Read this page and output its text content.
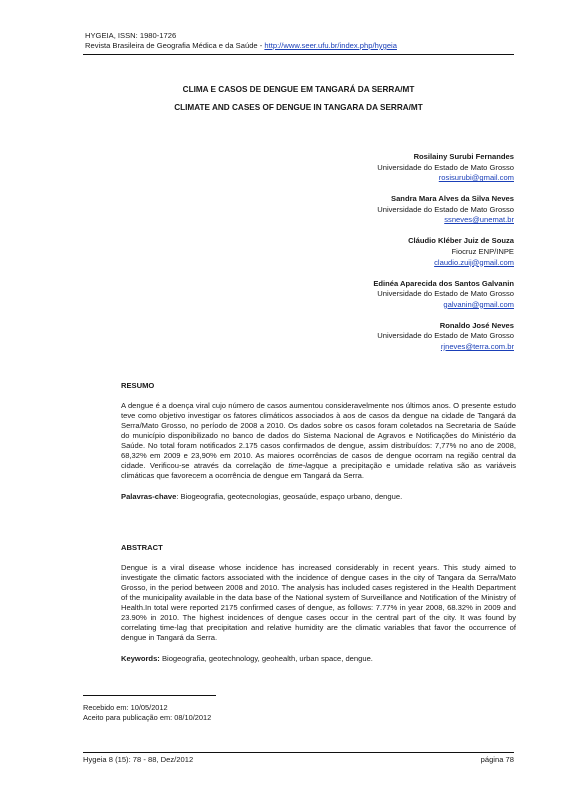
HYGEIA, ISSN: 1980-1726
Revista Brasileira de Geografia Médica e da Saúde - http://www.seer.ufu.br/index.php/hygeia
CLIMA E CASOS DE DENGUE EM TANGARÁ DA SERRA/MT
CLIMATE AND CASES OF DENGUE IN TANGARA DA SERRA/MT
Rosilainy Surubi Fernandes
Universidade do Estado de Mato Grosso
rosisurubi@gmail.com
Sandra Mara Alves da Silva Neves
Universidade do Estado de Mato Grosso
ssneves@unemat.br
Cláudio Kléber Juiz de Souza
Fiocruz ENP/INPE
claudio.zuij@gmail.com
Edinéa Aparecida dos Santos Galvanin
Universidade do Estado de Mato Grosso
galvanin@gmail.com
Ronaldo José Neves
Universidade do Estado de Mato Grosso
rjneves@terra.com.br
RESUMO
A dengue é a doença viral cujo número de casos aumentou consideravelmente nos últimos anos. O presente estudo teve como objetivo investigar os fatores climáticos associados à aos de casos da dengue na cidade de Tangará da Serra/Mato Grosso, no período de 2008 a 2010. Os dados sobre os casos foram coletados na Secretaria de Saúde do município disponibilizado no banco de dados do Sistema Nacional de Agravos e Notificações do Ministério da Saúde. No total foram notificados 2.175 casos confirmados de dengue, assim distribuídos: 7,77% no ano de 2008, 68,32% em 2009 e 23,90% em 2010. As maiores ocorrências de casos de dengue ocorram na região central da cidade. Verificou-se através da correlação de time-lagque a precipitação e umidade relativa são as variáveis climáticas que favorecem a ocorrência de dengue em Tangará da Serra.
Palavras-chave: Biogeografia, geotecnologias, geosaúde, espaço urbano, dengue.
ABSTRACT
Dengue is a viral disease whose incidence has increased considerably in recent years. This study aimed to investigate the climatic factors associated with the incidence of dengue cases in the city of Tangara da Serra/Mato Grosso, in the period between 2008 and 2010. The analysis has included cases registered in the Health Department of the municipality available in the data base of the National system of Surveillance and Notification of the Ministry of Health.In total were reported 2175 confirmed cases of dengue, as follows: 7.77% in year 2008, 68.32% in 2009 and 23.90% in 2010. The highest incidences of dengue cases occur in the central part of the city. It was found by correlating time-lag that precipitation and relative humidity are the climatic variables that favor the occurrence of dengue in Tangará da Serra.
Keywords: Biogeografia, geotechnology, geohealth, urban space, dengue.
Recebido em: 10/05/2012
Aceito para publicação em: 08/10/2012
Hygeia 8 (15): 78 - 88, Dez/2012	página 78
